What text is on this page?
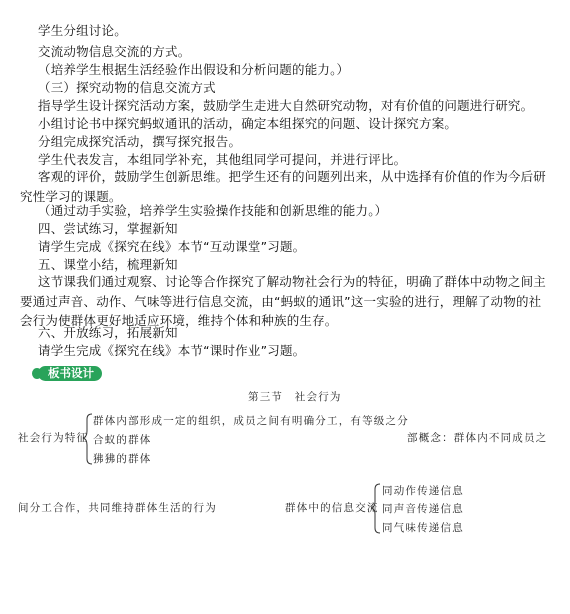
学生分组讨论。
交流动物信息交流的方式。
（培养学生根据生活经验作出假设和分析问题的能力。）
（三）探究动物的信息交流方式
指导学生设计探究活动方案，鼓励学生走进大自然研究动物，对有价值的问题进行研究。
小组讨论书中探究蚂蚁通讯的活动，确定本组探究的问题、设计探究方案。
分组完成探究活动，撰写探究报告。
学生代表发言，本组同学补充，其他组同学可提问，并进行评比。
客观的评价，鼓励学生创新思维。把学生还有的问题列出来，从中选择有价值的作为今后研究性学习的课题。
（通过动手实验，培养学生实验操作技能和创新思维的能力。）
四、尝试练习，掌握新知
请学生完成《探究在线》本节“互动课堂”习题。
五、课堂小结，梳理新知
这节课我们通过观察、讨论等合作探究了解动物社会行为的特征，明确了群体中动物之间主要通过声音、动作、气味等进行信息交流，由“蚂蚁的通讯”这一实验的进行，理解了动物的社会行为使群体更好地适应环境，维持个体和种族的生存。
六、开放练习，拓展新知
请学生完成《探究在线》本节“课时作业”习题。
板书设计
第三节　社会行为
社会行为特征
群体内部形成一定的组织，成员之间有明确分工，有等级之分
合蚁的群体
狒狒的群体
部概念：群体内不同成员之
间分工合作，共同维持群体生活的行为	群体中的信息交流
同动作传递信息
同声音传递信息
同气味传递信息
